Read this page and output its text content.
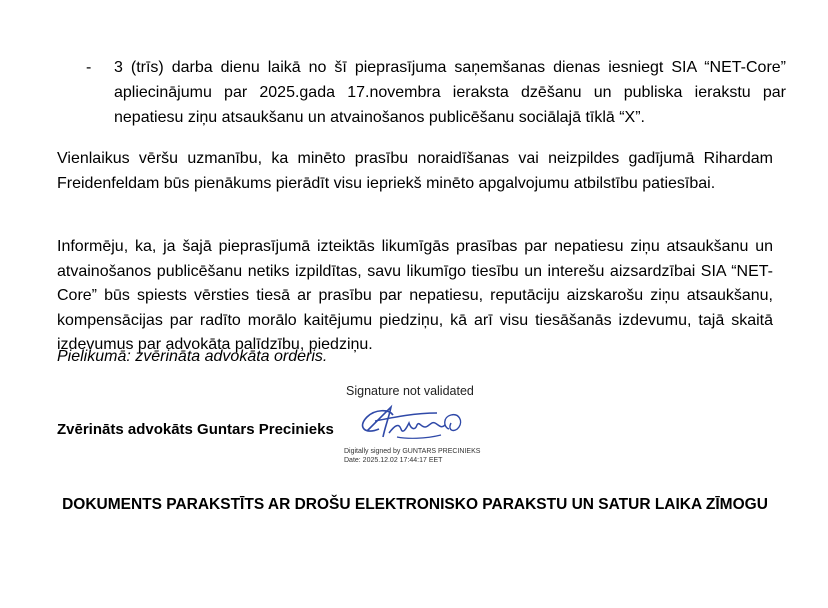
-	3 (trīs) darba dienu laikā no šī pieprasījuma saņemšanas dienas iesniegt SIA “NET-Core” apliecinājumu par 2025.gada 17.novembra ieraksta dzēšanu un publiska ierakstu par nepatiesu ziņu atsaukšanu un atvainošanos publicēšanu sociālajā tīklā “X”.

Vienlaikus vēršu uzmanību, ka minēto prasību noraidīšanas vai neizpildes gadījumā Rihardam Freidenfeldam būs pienākums pierādīt visu iepriekš minēto apgalvojumu atbilstību patiesībai.

Informēju, ka, ja šajā pieprasījumā izteiktās likumīgās prasības par nepatiesu ziņu atsaukšanu un atvainošanos publicēšanu netiks izpildītas, savu likumīgo tiesību un interešu aizsardzībai SIA “NET-Core” būs spiests vērsties tiesā ar prasību par nepatiesu, reputāciju aizskarošu ziņu atsaukšanu, kompensācijas par radīto morālo kaitējumu piedziņu, kā arī visu tiesāšanās izdevumu, tajā skaitā izdevumus par advokāta palīdzību, piedziņu.

Pielikumā: zvērināta advokāta orderis.

Zvērināts advokāts Guntars Precinieks
Signature not validated
Digitally signed by GUNTARS PRECINIEKS
Date: 2025.12.02 17:44:17 EET
DOKUMENTS PARAKSTĪTS AR DROŠU ELEKTRONISKO PARAKSTU UN SATUR LAIKA ZĪMOGU
